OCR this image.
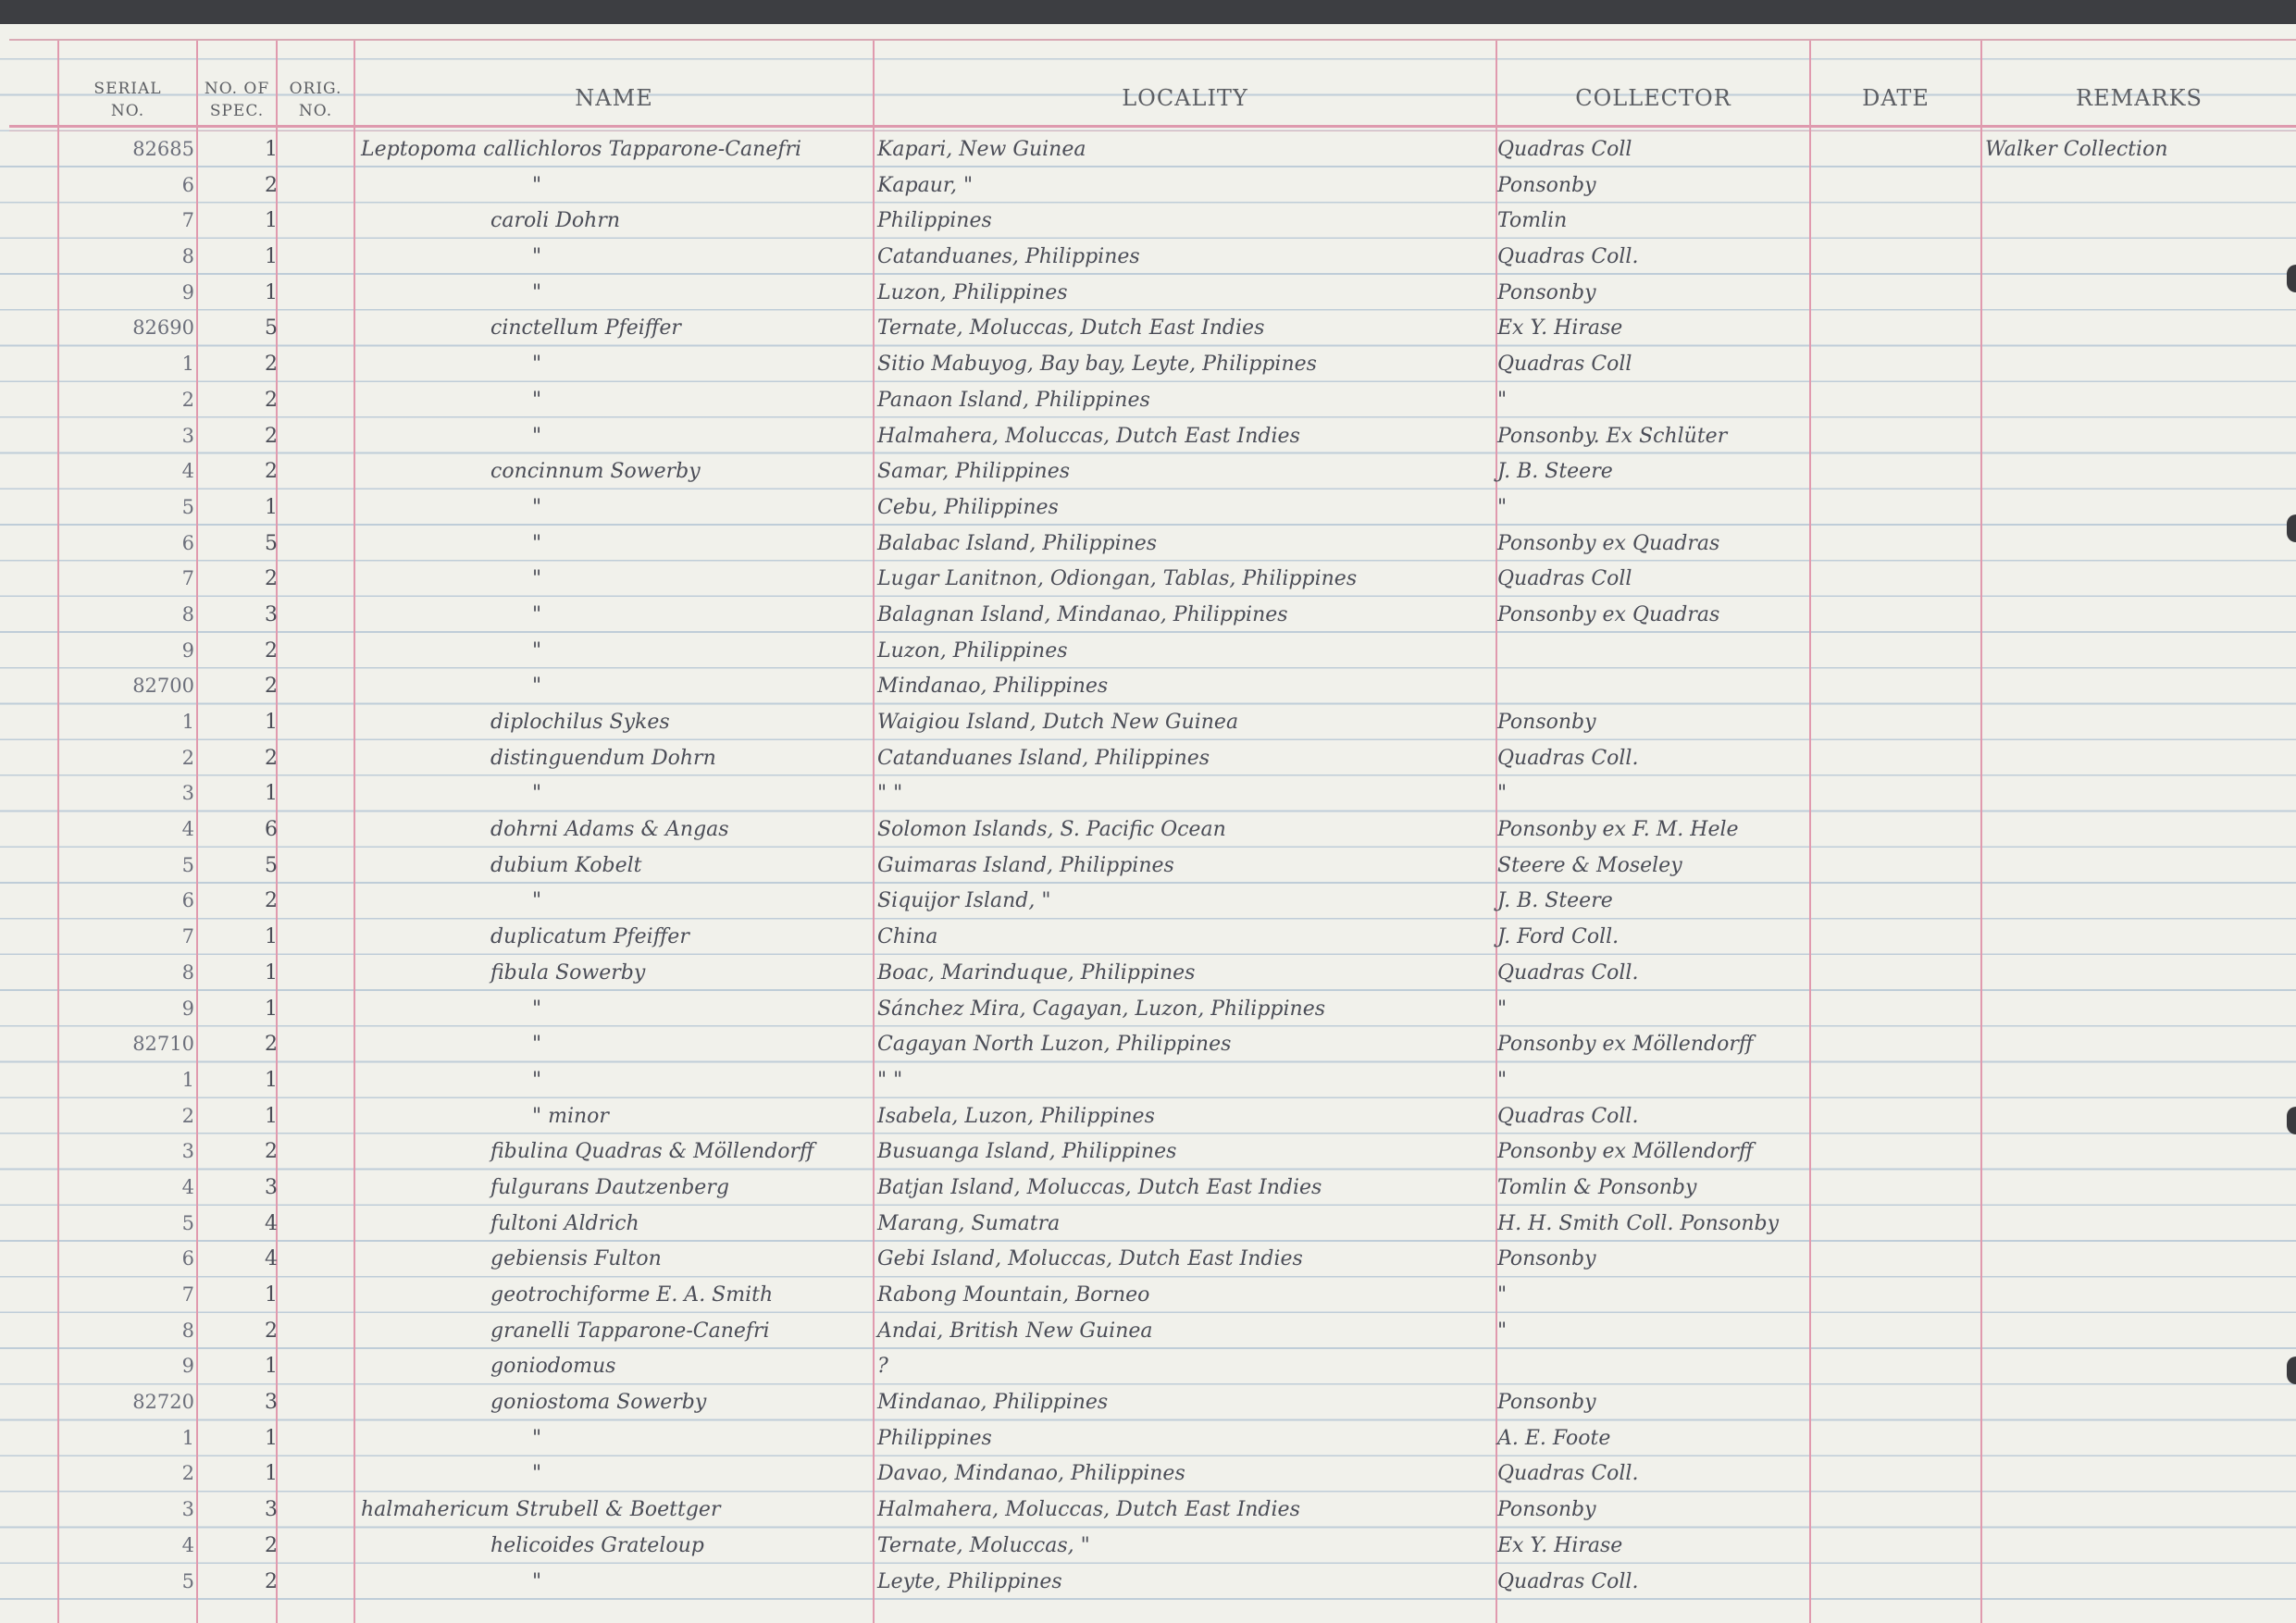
SERIAL
NO.
NO. OF
SPEC.
ORIG.
NO.	NAME	LOCALITY	COLLECTOR	DATE	REMARKS
82685	1	Leptopoma callichloros Tapparone-Canefri	Kapari, New Guinea	Quadras Coll	Walker Collection
6	2	"	Kapaur, "	Ponsonby
7	1	caroli Dohrn	Philippines	Tomlin
8	1	"	Catanduanes, Philippines	Quadras Coll.
9	1	"	Luzon, Philippines	Ponsonby
82690	5	cinctellum Pfeiffer	Ternate, Moluccas, Dutch East Indies	Ex Y. Hirase
1	2	"	Sitio Mabuyog, Bay bay, Leyte, Philippines	Quadras Coll
2	2	"	Panaon Island, Philippines	"
3	2	"	Halmahera, Moluccas, Dutch East Indies	Ponsonby. Ex Schlüter
4	2	concinnum Sowerby	Samar, Philippines	J. B. Steere
5	1	"	Cebu, Philippines	"
6	5	"	Balabac Island, Philippines	Ponsonby ex Quadras
7	2	"	Lugar Lanitnon, Odiongan, Tablas, Philippines	Quadras Coll
8	3	"	Balagnan Island, Mindanao, Philippines	Ponsonby ex Quadras
9	2	"	Luzon, Philippines
82700	2	"	Mindanao, Philippines
1	1	diplochilus Sykes	Waigiou Island, Dutch New Guinea	Ponsonby
2	2	distinguendum Dohrn	Catanduanes Island, Philippines	Quadras Coll.
3	1	"	" "	"
4	6	dohrni Adams & Angas	Solomon Islands, S. Pacific Ocean	Ponsonby ex F. M. Hele
5	5	dubium Kobelt	Guimaras Island, Philippines	Steere & Moseley
6	2	"	Siquijor Island, "	J. B. Steere
7	1	duplicatum Pfeiffer	China	J. Ford Coll.
8	1	fibula Sowerby	Boac, Marinduque, Philippines	Quadras Coll.
9	1	"	Sánchez Mira, Cagayan, Luzon, Philippines	"
82710	2	"	Cagayan North Luzon, Philippines	Ponsonby ex Möllendorff
1	1	"	" "	"
2	1	" minor	Isabela, Luzon, Philippines	Quadras Coll.
3	2	fibulina Quadras & Möllendorff	Busuanga Island, Philippines	Ponsonby ex Möllendorff
4	3	fulgurans Dautzenberg	Batjan Island, Moluccas, Dutch East Indies	Tomlin & Ponsonby
5	4	fultoni Aldrich	Marang, Sumatra	H. H. Smith Coll. Ponsonby
6	4	gebiensis Fulton	Gebi Island, Moluccas, Dutch East Indies	Ponsonby
7	1	geotrochiforme E. A. Smith	Rabong Mountain, Borneo	"
8	2	granelli Tapparone-Canefri	Andai, British New Guinea	"
9	1	goniodomus	?
82720	3	goniostoma Sowerby	Mindanao, Philippines	Ponsonby
1	1	"	Philippines	A. E. Foote
2	1	"	Davao, Mindanao, Philippines	Quadras Coll.
3	3	halmahericum Strubell & Boettger	Halmahera, Moluccas, Dutch East Indies	Ponsonby
4	2	helicoides Grateloup	Ternate, Moluccas, "	Ex Y. Hirase
5	2	"	Leyte, Philippines	Quadras Coll.
